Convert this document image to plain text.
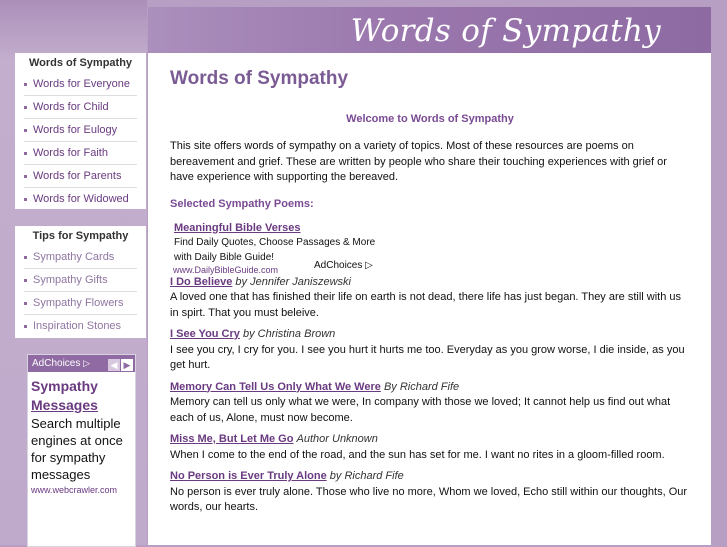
Words of Sympathy
Words of Sympathy
Words for Everyone
Words for Child
Words for Eulogy
Words for Faith
Words for Parents
Words for Widowed
Tips for Sympathy
Sympathy Cards
Sympathy Gifts
Sympathy Flowers
Inspiration Stones
AdChoices ▷	◀ ▶
Sympathy
Messages
Search multiple engines at once for sympathy messages
www.webcrawler.com
Words of Sympathy
Welcome to Words of Sympathy
This site offers words of sympathy on a variety of topics. Most of these resources are poems on bereavement and grief. These are written by people who share their touching experiences with grief or have experience with supporting the bereaved.
Selected Sympathy Poems:
Meaningful Bible Verses
Find Daily Quotes, Choose Passages & More with Daily Bible Guide!
www.DailyBibleGuide.com	AdChoices ▷
I Do Believe by Jennifer Janiszewski
A loved one that has finished their life on earth is not dead, there life has just began. They are still with us in spirt. That you must beleive.
I See You Cry by Christina Brown
I see you cry, I cry for you. I see you hurt it hurts me too. Everyday as you grow worse, I die inside, as you get hurt.
Memory Can Tell Us Only What We Were By Richard Fife
Memory can tell us only what we were, In company with those we loved; It cannot help us find out what each of us, Alone, must now become.
Miss Me, But Let Me Go Author Unknown
When I come to the end of the road, and the sun has set for me. I want no rites in a gloom-filled room.
No Person is Ever Truly Alone by Richard Fife
No person is ever truly alone. Those who live no more, Whom we loved, Echo still within our thoughts, Our words, our hearts.
